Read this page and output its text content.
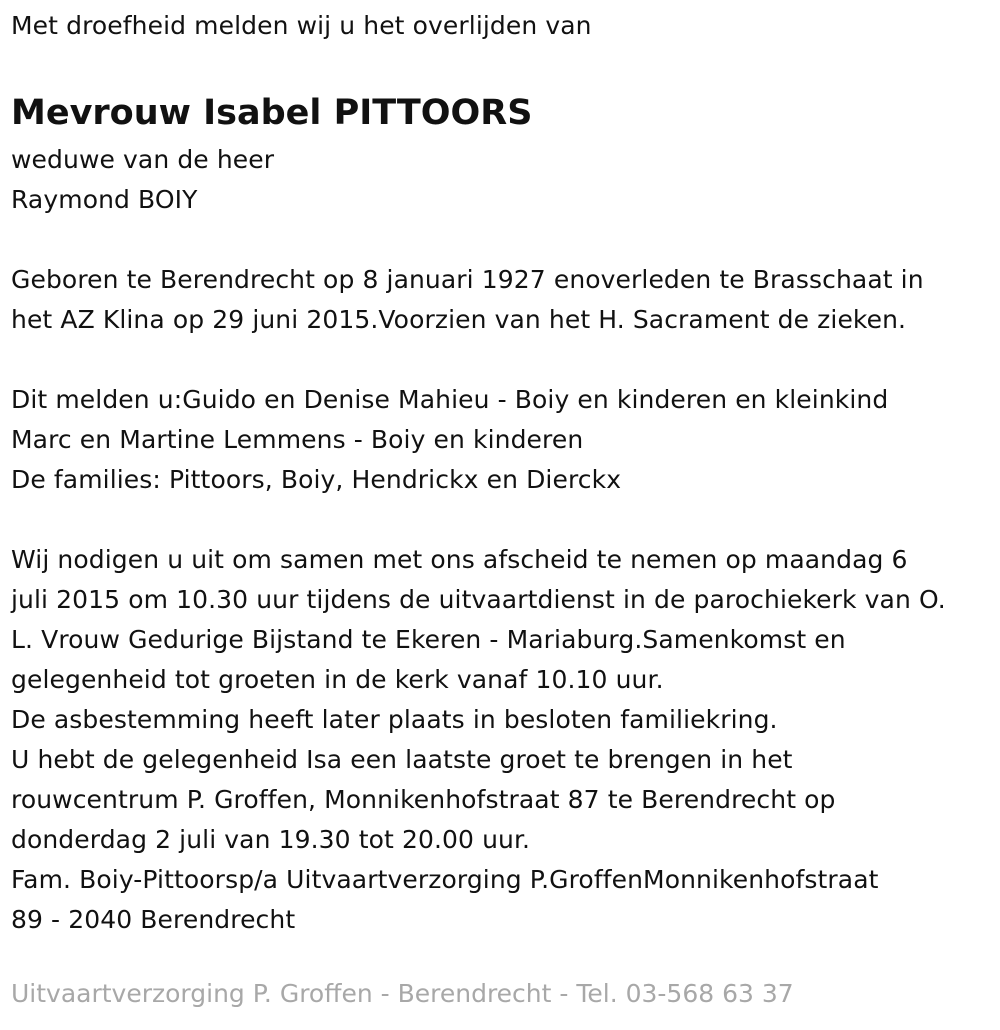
Met droefheid melden wij u het overlijden van
Mevrouw Isabel PITTOORS
weduwe van de heer
Raymond BOIY
Geboren te Berendrecht op 8 januari 1927 enoverleden te Brasschaat in
het AZ Klina op 29 juni 2015.Voorzien van het H. Sacrament de zieken.
Dit melden u:Guido en Denise Mahieu - Boiy en kinderen en kleinkind
Marc en Martine Lemmens - Boiy en kinderen
De families: Pittoors, Boiy, Hendrickx en Dierckx
Wij nodigen u uit om samen met ons afscheid te nemen op maandag 6
juli 2015 om 10.30 uur tijdens de uitvaartdienst in de parochiekerk van O.
L. Vrouw Gedurige Bijstand te Ekeren - Mariaburg.Samenkomst en
gelegenheid tot groeten in de kerk vanaf 10.10 uur.
De asbestemming heeft later plaats in besloten familiekring.
U hebt de gelegenheid Isa een laatste groet te brengen in het
rouwcentrum P. Groffen, Monnikenhofstraat 87 te Berendrecht op
donderdag 2 juli van 19.30 tot 20.00 uur.
Fam. Boiy-Pittoorsp/a Uitvaartverzorging P.GroffenMonnikenhofstraat
89 - 2040 Berendrecht
Uitvaartverzorging P. Groffen - Berendrecht - Tel. 03-568 63 37
